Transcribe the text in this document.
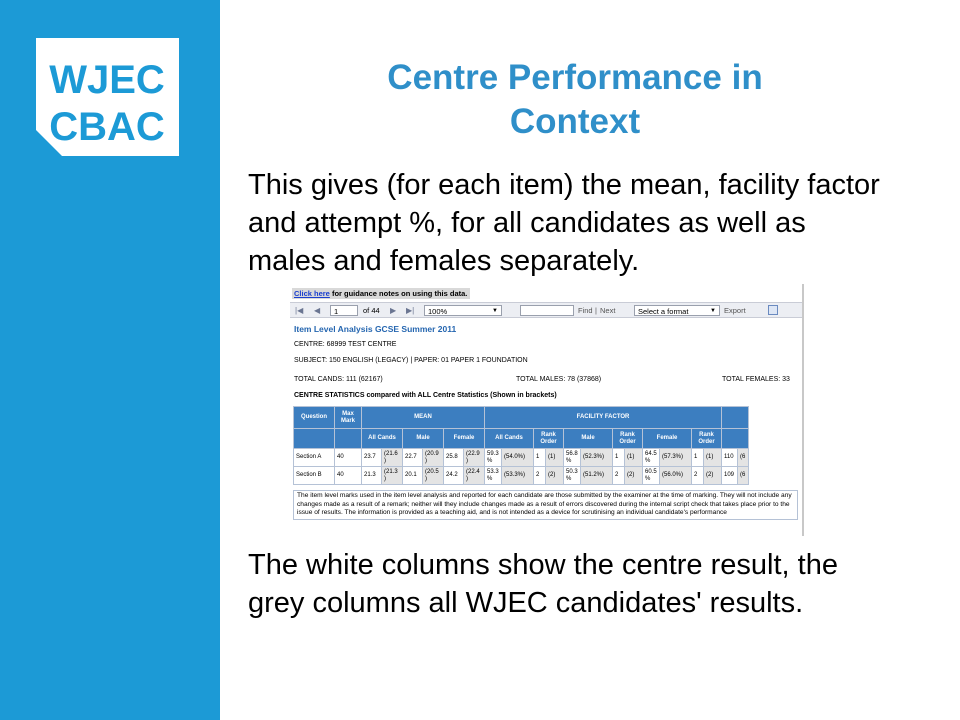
WJEC
CBAC
Centre Performance in
Context
This gives (for each item) the mean, facility factor and attempt %, for all candidates as well as males and females separately.
Click here for guidance notes on using this data.
|◀ ◀	1	of 44 ▶ ▶|	100%	▼	Find | Next	Select a format	▼ Export
Item Level Analysis GCSE Summer 2011
CENTRE: 68999 TEST CENTRE
SUBJECT: 150 ENGLISH (LEGACY) | PAPER: 01 PAPER 1 FOUNDATION
TOTAL CANDS: 111 (62167)	TOTAL MALES: 78 (37868)	TOTAL FEMALES: 33
CENTRE STATISTICS compared with ALL Centre Statistics (Shown in brackets)
Question	Max Mark	MEAN						FACILITY FACTOR													
		All Cands		Male		Female		All Cands		Rank Order		Male		Rank Order		Female		Rank Order			
Section A	40	23.7	(21.6 )	22.7	(20.9 )	25.8	(22.9 )	59.3 %	(54.0%)	1	(1)	56.8 %	(52.3%)	1	(1)	64.5 %	(57.3%)	1	(1)	110	(6
Section B	40	21.3	(21.3 )	20.1	(20.5 )	24.2	(22.4 )	53.3 %	(53.3%)	2	(2)	50.3 %	(51.2%)	2	(2)	60.5 %	(56.0%)	2	(2)	109	(6
The item level marks used in the item level analysis and reported for each candidate are those submitted by the examiner at the time of marking. They will not include any changes made as a result of a remark; neither will they include changes made as a result of errors discovered during the internal script check that takes place prior to the issue of results. The information is provided as a teaching aid, and is not intended as a device for scrutinising an individual candidate's performance
The white columns show the centre result, the grey columns all WJEC candidates' results.
